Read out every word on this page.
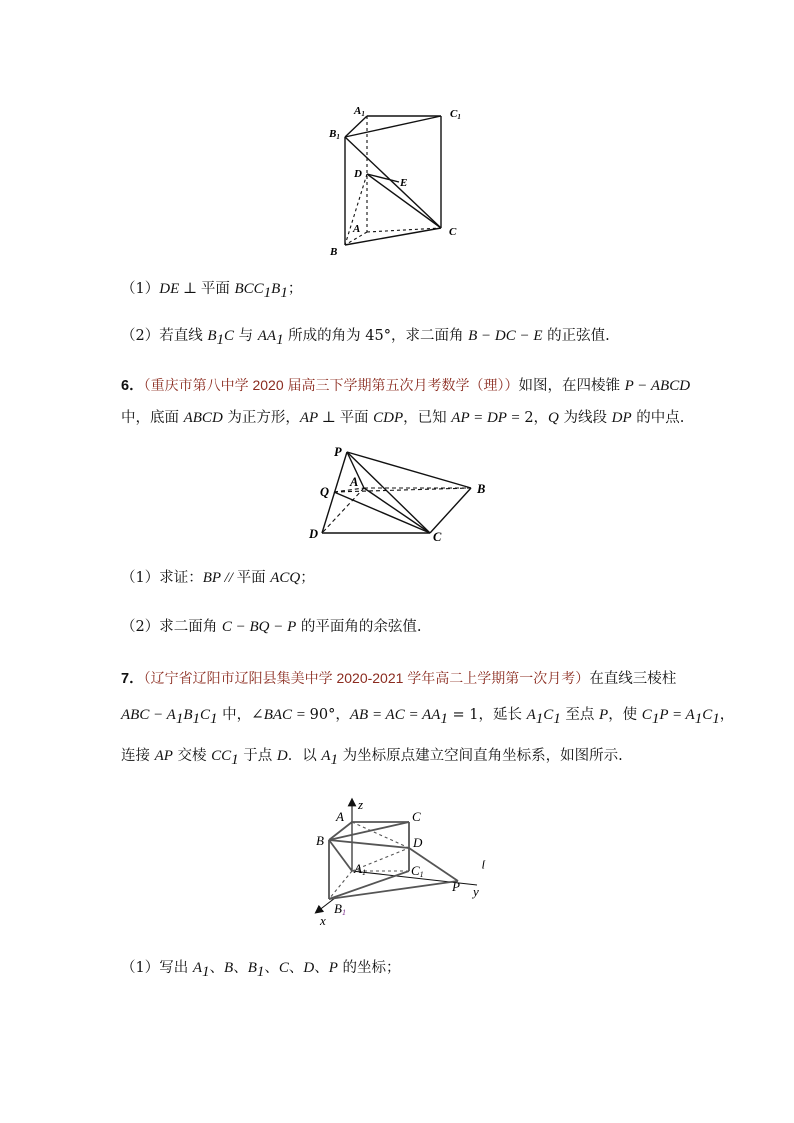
A1	C1
B1
D
E
A
B
C
（1）DE ⊥ 平面 $BCC_1B_1$；
（2）若直线 $B_1C$ 与 $AA_1$ 所成的角为 45°，求二面角 B − DC − E 的正弦值.
6．（重庆市第八中学 2020 届高三下学期第五次月考数学（理））如图，在四棱锥 P − ABCD
中，底面 ABCD 为正方形，AP ⊥ 平面 CDP，已知 AP = DP = 2，Q 为线段 DP 的中点.
P
A	B
Q
D	C
（1）求证：BP // 平面 ACQ；
（2）求二面角 C − BQ − P 的平面角的余弦值.
7．（辽宁省辽阳市辽阳县集美中学 2020-2021 学年高二上学期第一次月考）在直线三棱柱
ABC − $A_1B_1C_1$ 中，∠BAC = 90°，AB = AC = $AA_1 = 1$，延长 $A_1C_1$ 至点 P，使 $C_1P = A_1C_1$，
连接 AP 交棱 $CC_1$ 于点 D．以 $A_1$ 为坐标原点建立空间直角坐标系，如图所示.
z
A	C
B	D
A1	C1
P y
B1
x
[
（1）写出 $A_1$、B、$B_1$、C、D、P 的坐标；
